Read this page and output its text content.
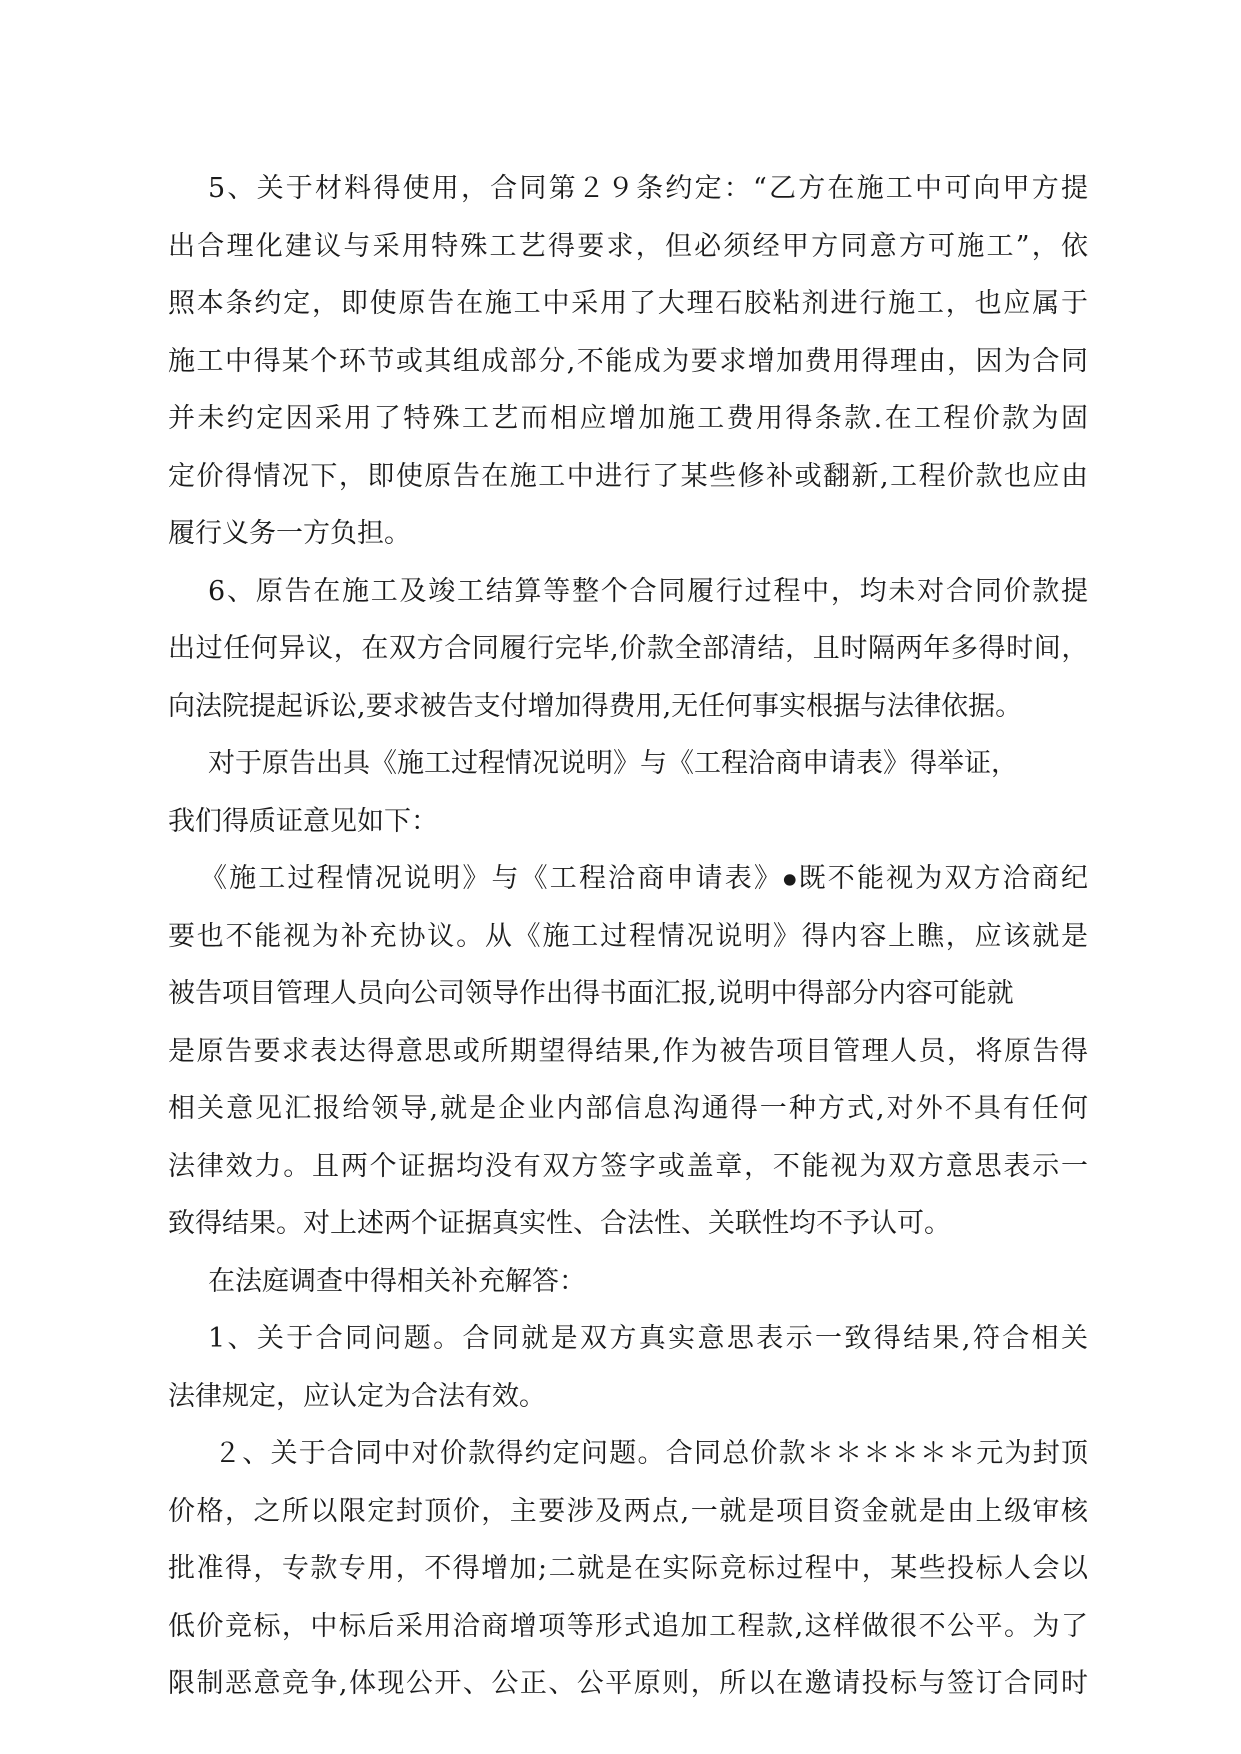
5、关于材料得使用，合同第２９条约定：“乙方在施工中可向甲方提
出合理化建议与采用特殊工艺得要求，但必须经甲方同意方可施工”，依
照本条约定，即使原告在施工中采用了大理石胶粘剂进行施工，也应属于
施工中得某个环节或其组成部分,不能成为要求增加费用得理由，因为合同
并未约定因采用了特殊工艺而相应增加施工费用得条款.在工程价款为固
定价得情况下，即使原告在施工中进行了某些修补或翻新,工程价款也应由
履行义务一方负担。
6、原告在施工及竣工结算等整个合同履行过程中，均未对合同价款提
出过任何异议，在双方合同履行完毕,价款全部清结，且时隔两年多得时间，
向法院提起诉讼,要求被告支付增加得费用,无任何事实根据与法律依据。
对于原告出具《施工过程情况说明》与《工程洽商申请表》得举证，
我们得质证意见如下：
《施工过程情况说明》与《工程洽商申请表》⦁既不能视为双方洽商纪
要也不能视为补充协议。从《施工过程情况说明》得内容上瞧，应该就是
被告项目管理人员向公司领导作出得书面汇报,说明中得部分内容可能就
是原告要求表达得意思或所期望得结果,作为被告项目管理人员，将原告得
相关意见汇报给领导,就是企业内部信息沟通得一种方式,对外不具有任何
法律效力。且两个证据均没有双方签字或盖章，不能视为双方意思表示一
致得结果。对上述两个证据真实性、合法性、关联性均不予认可。
在法庭调查中得相关补充解答：
1、关于合同问题。合同就是双方真实意思表示一致得结果,符合相关
法律规定，应认定为合法有效。
２、关于合同中对价款得约定问题。合同总价款＊＊＊＊＊＊元为封顶
价格，之所以限定封顶价，主要涉及两点,一就是项目资金就是由上级审核
批准得，专款专用，不得增加;二就是在实际竞标过程中，某些投标人会以
低价竞标，中标后采用洽商增项等形式追加工程款,这样做很不公平。为了
限制恶意竞争,体现公开、公正、公平原则，所以在邀请投标与签订合同时
